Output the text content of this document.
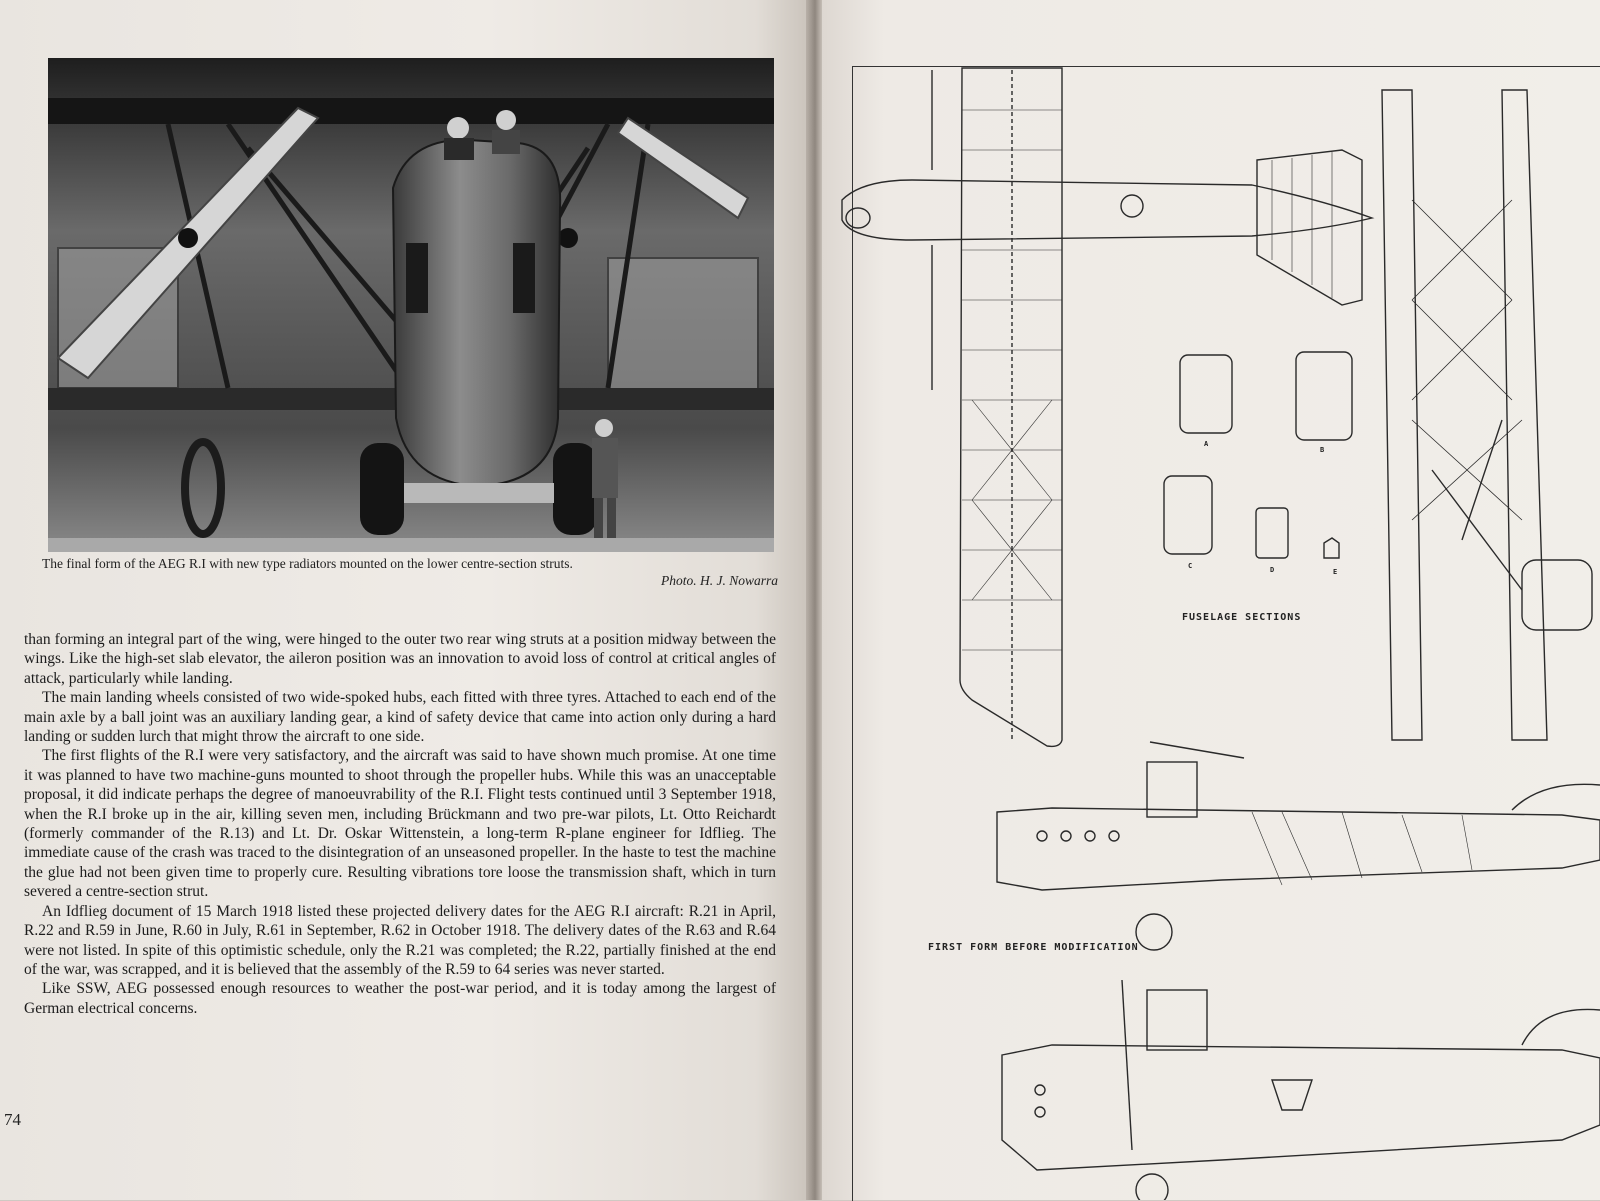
The final form of the AEG R.I with new type radiators mounted on the lower centre-section struts.
Photo. H. J. Nowarra

than forming an integral part of the wing, were hinged to the outer two rear wing struts at a position midway between the wings. Like the high-set slab elevator, the aileron position was an innovation to avoid loss of control at critical angles of attack, particularly while landing.

The main landing wheels consisted of two wide-spoked hubs, each fitted with three tyres. Attached to each end of the main axle by a ball joint was an auxiliary landing gear, a kind of safety device that came into action only during a hard landing or sudden lurch that might throw the aircraft to one side.

The first flights of the R.I were very satisfactory, and the aircraft was said to have shown much promise. At one time it was planned to have two machine-guns mounted to shoot through the propeller hubs. While this was an unacceptable proposal, it did indicate perhaps the degree of manoeuvrability of the R.I. Flight tests continued until 3 September 1918, when the R.I broke up in the air, killing seven men, including Brückmann and two pre-war pilots, Lt. Otto Reichardt (formerly commander of the R.13) and Lt. Dr. Oskar Wittenstein, a long-term R-plane engineer for Idflieg. The immediate cause of the crash was traced to the disintegration of an unseasoned propeller. In the haste to test the machine the glue had not been given time to properly cure. Resulting vibrations tore loose the transmission shaft, which in turn severed a centre-section strut.

An Idflieg document of 15 March 1918 listed these projected delivery dates for the AEG R.I aircraft: R.21 in April, R.22 and R.59 in June, R.60 in July, R.61 in September, R.62 in October 1918. The delivery dates of the R.63 and R.64 were not listed. In spite of this optimistic schedule, only the R.21 was completed; the R.22, partially finished at the end of the war, was scrapped, and it is believed that the assembly of the R.59 to 64 series was never started.

Like SSW, AEG possessed enough resources to weather the post-war period, and it is today among the largest of German electrical concerns.

74
FUSELAGE SECTIONS
FIRST FORM BEFORE MODIFICATION
A
B
C	D	E
